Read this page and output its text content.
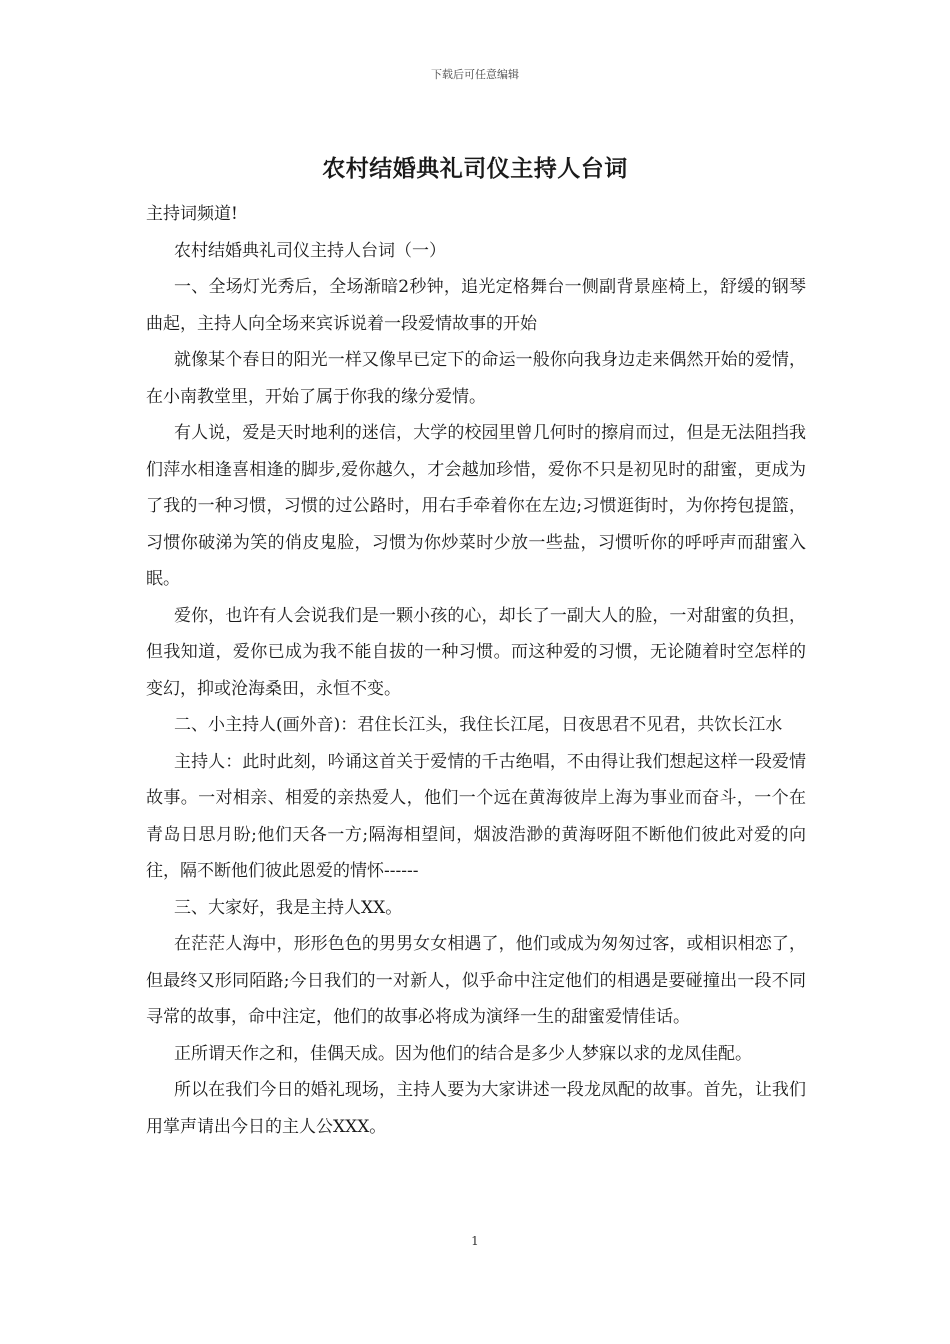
下载后可任意编辑
农村结婚典礼司仪主持人台词

主持词频道!

农村结婚典礼司仪主持人台词（一）

一、全场灯光秀后，全场渐暗2秒钟，追光定格舞台一侧副背景座椅上，舒缓的钢琴曲起，主持人向全场来宾诉说着一段爱情故事的开始

就像某个春日的阳光一样又像早已定下的命运一般你向我身边走来偶然开始的爱情，在小南教堂里，开始了属于你我的缘分爱情。

有人说，爱是天时地利的迷信，大学的校园里曾几何时的擦肩而过，但是无法阻挡我们萍水相逢喜相逢的脚步,爱你越久，才会越加珍惜，爱你不只是初见时的甜蜜，更成为了我的一种习惯，习惯的过公路时，用右手牵着你在左边;习惯逛街时，为你挎包提篮，习惯你破涕为笑的俏皮鬼脸，习惯为你炒菜时少放一些盐，习惯听你的呼呼声而甜蜜入眠。

爱你，也许有人会说我们是一颗小孩的心，却长了一副大人的脸，一对甜蜜的负担，但我知道，爱你已成为我不能自拔的一种习惯。而这种爱的习惯，无论随着时空怎样的变幻，抑或沧海桑田，永恒不变。

二、小主持人(画外音)：君住长江头，我住长江尾，日夜思君不见君，共饮长江水

主持人：此时此刻，吟诵这首关于爱情的千古绝唱，不由得让我们想起这样一段爱情故事。一对相亲、相爱的亲热爱人，他们一个远在黄海彼岸上海为事业而奋斗，一个在青岛日思月盼;他们天各一方;隔海相望间，烟波浩渺的黄海呀阻不断他们彼此对爱的向往，隔不断他们彼此恩爱的情怀------

三、大家好，我是主持人XX。

在茫茫人海中，形形色色的男男女女相遇了，他们或成为匆匆过客，或相识相恋了，但最终又形同陌路;今日我们的一对新人，似乎命中注定他们的相遇是要碰撞出一段不同寻常的故事，命中注定，他们的故事必将成为演绎一生的甜蜜爱情佳话。

正所谓天作之和，佳偶天成。因为他们的结合是多少人梦寐以求的龙凤佳配。

所以在我们今日的婚礼现场，主持人要为大家讲述一段龙凤配的故事。首先，让我们用掌声请出今日的主人公XXX。

1
